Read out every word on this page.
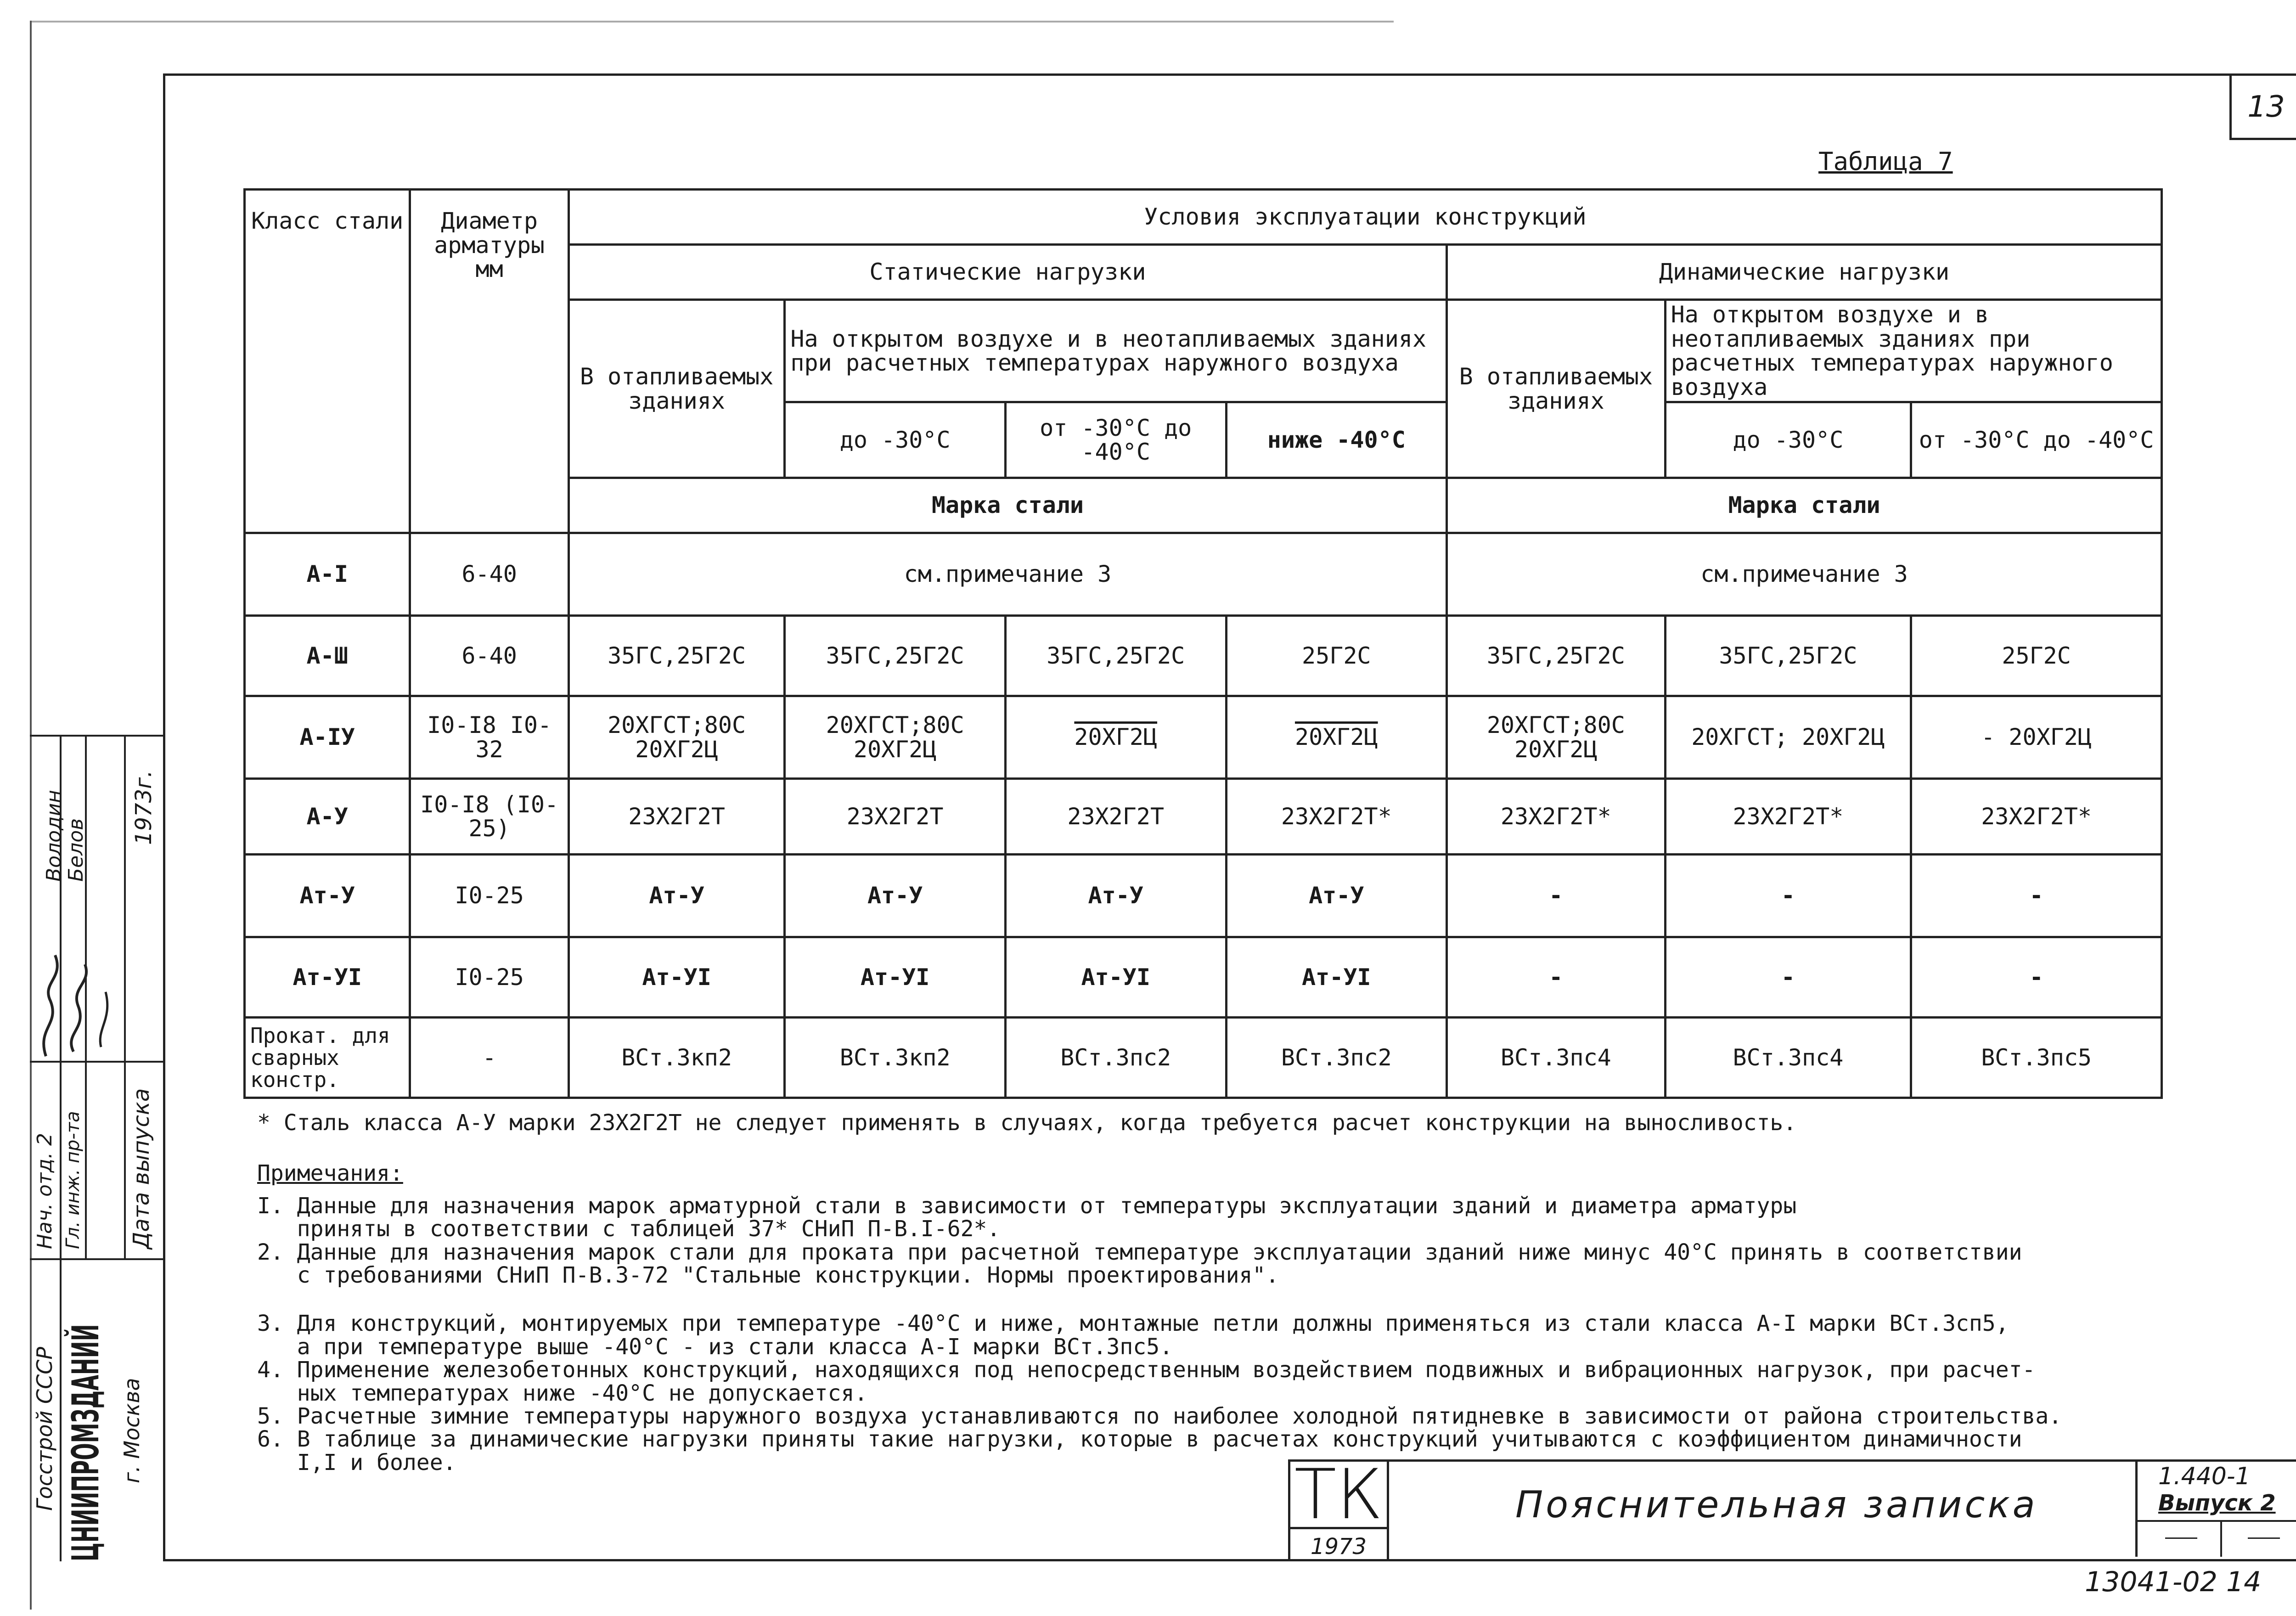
13
Таблица 7
Класс стали	Диаметр арматуры мм	Условия эксплуатации конструкций						
		Статические нагрузки				Динамические нагрузки		
		В отапливаемых зданиях	На открытом воздухе и в неотапливаемых зданиях при расчетных температурах наружного воздуха			В отапливаемых зданиях	На открытом воздухе и в неотапливаемых зданиях при расчетных температурах наружного воздуха	
			до -30°С	от -30°С до -40°С	ниже -40°С		до -30°С	от -30°С до -40°С
		Марка стали				Марка стали		
А-I	6-40	см.примечание 3				см.примечание 3		
А-Ш	6-40	35ГС,25Г2С	35ГС,25Г2С	35ГС,25Г2С	25Г2С	35ГС,25Г2С	35ГС,25Г2С	25Г2С
А-IУ	I0-I8 I0-32	20ХГСТ;80С 20ХГ2Ц	20ХГСТ;80С 20ХГ2Ц	20ХГ2Ц	20ХГ2Ц	20ХГСТ;80С 20ХГ2Ц	20ХГСТ; 20ХГ2Ц	- 20ХГ2Ц
А-У	I0-I8 (I0-25)	23Х2Г2Т	23Х2Г2Т	23Х2Г2Т	23Х2Г2Т*	23Х2Г2Т*	23Х2Г2Т*	23Х2Г2Т*
Ат-У	I0-25	Ат-У	Ат-У	Ат-У	Ат-У	-	-	-
Ат-УI	I0-25	Ат-УI	Ат-УI	Ат-УI	Ат-УI	-	-	-
Прокат. для сварных констр.	-	ВСт.3кп2	ВСт.3кп2	ВСт.3пс2	ВСт.3пс2	ВСт.3пс4	ВСт.3пс4	ВСт.3пс5

* Сталь класса А-У марки 23Х2Г2Т не следует применять в случаях, когда требуется расчет конструкции на выносливость.

Примечания:

I. Данные для назначения марок арматурной стали в зависимости от температуры эксплуатации зданий и диаметра арматуры
приняты в соответствии с таблицей 37* СНиП П-В.I-62*.

2. Данные для назначения марок стали для проката при расчетной температуре эксплуатации зданий ниже минус 40°С принять в соответствии
с требованиями СНиП П-В.3-72 "Стальные конструкции. Нормы проектирования".

3. Для конструкций, монтируемых при температуре -40°С и ниже, монтажные петли должны применяться из стали класса А-I марки ВСт.3сп5,
а при температуре выше -40°С - из стали класса А-I марки ВСт.3пс5.

4. Применение железобетонных конструкций, находящихся под непосредственным воздействием подвижных и вибрационных нагрузок, при расчет-
ных температурах ниже -40°С не допускается.

5. Расчетные зимние температуры наружного воздуха устанавливаются по наиболее холодной пятидневке в зависимости от района строительства.

6. В таблице за динамические нагрузки приняты такие нагрузки, которые в расчетах конструкций учитываются с коэффициентом динамичности
I,I и более.	ТК
1973
Пояснительная записка
1.440-1
Выпуск 2
13041-02 14
Госстрой СССР ЦНИИПРОМЗДАНИЙ г. Москва
Нач. отд. 2 Гл. инж. пр-та Дата выпуска
Володин
Белов
1973г.
